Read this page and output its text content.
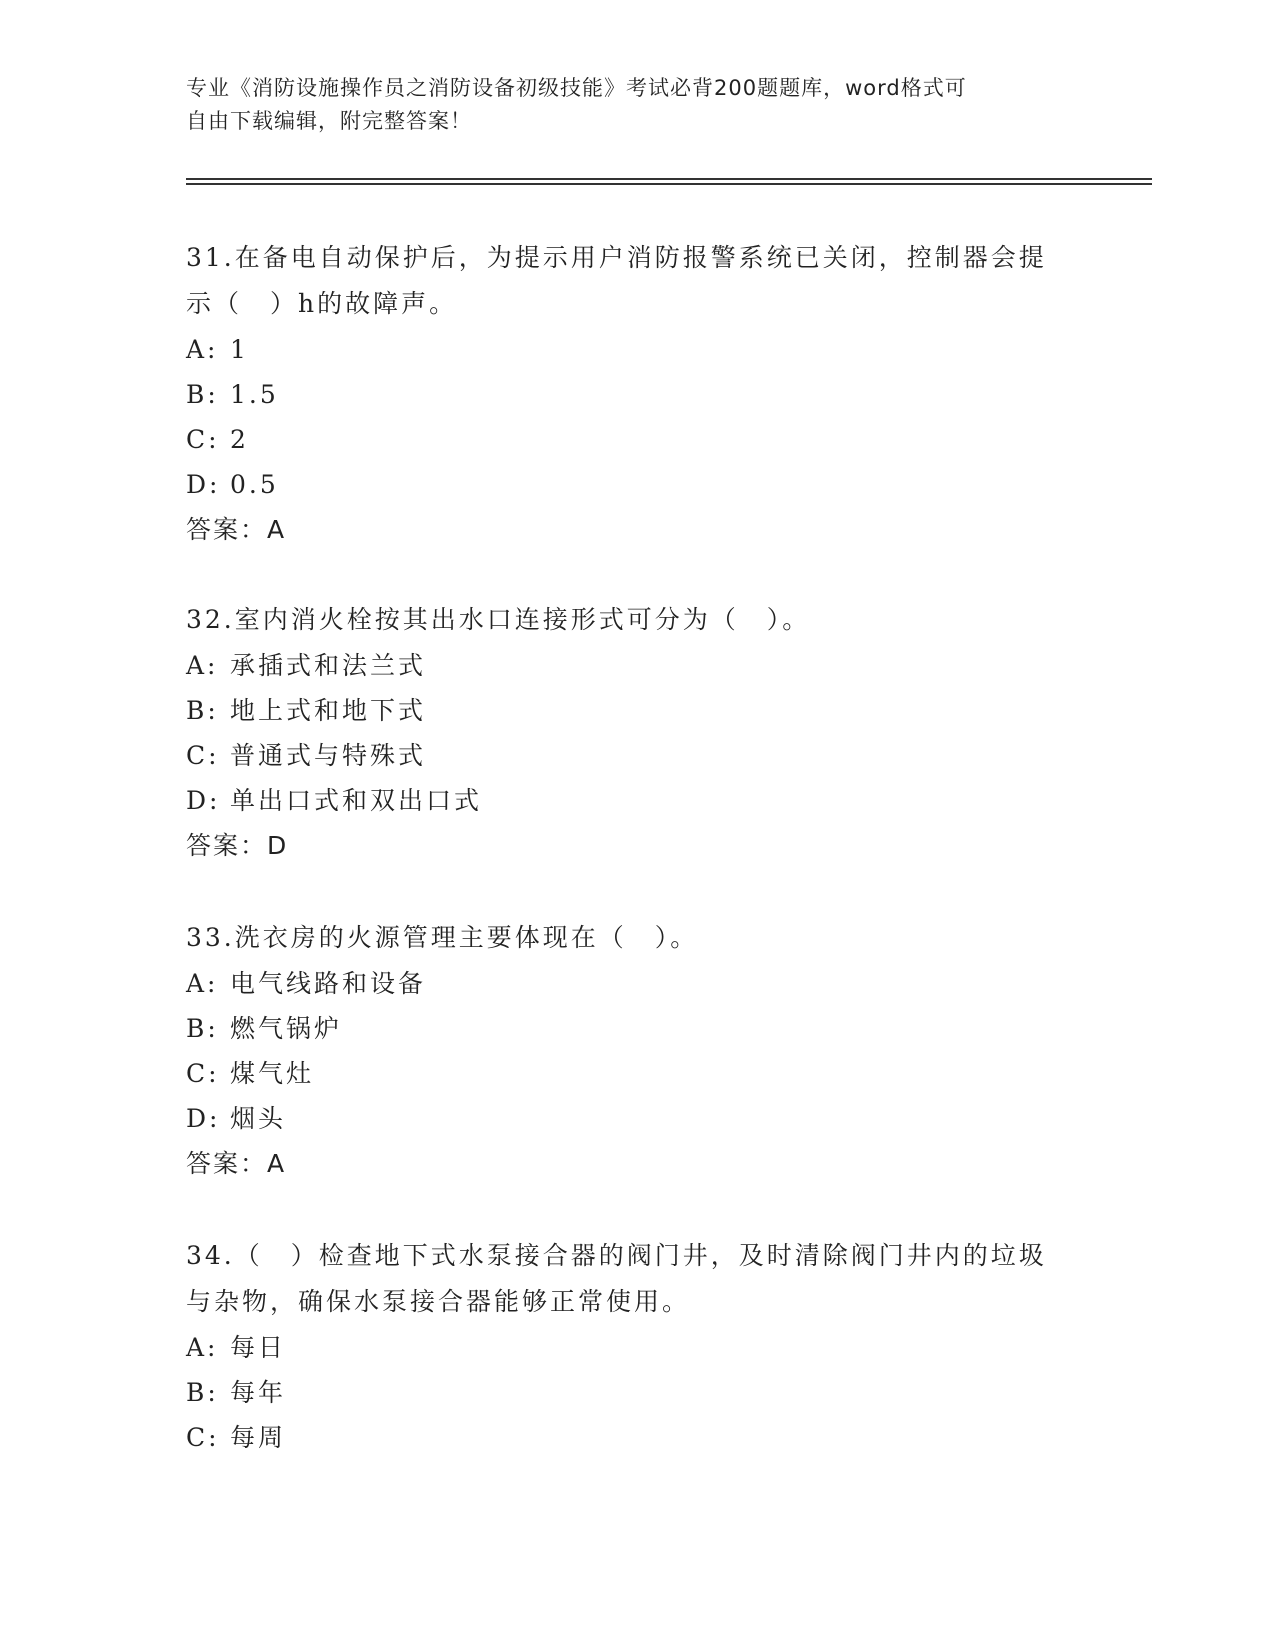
专业《消防设施操作员之消防设备初级技能》考试必背200题题库，word格式可
自由下载编辑，附完整答案！

31.在备电自动保护后，为提示用户消防报警系统已关闭，控制器会提
示（　）h的故障声。

A: 1

B: 1.5

C: 2

D: 0.5

答案：A

32.室内消火栓按其出水口连接形式可分为（　）。

A: 承插式和法兰式

B: 地上式和地下式

C: 普通式与特殊式

D: 单出口式和双出口式

答案：D

33.洗衣房的火源管理主要体现在（　）。

A: 电气线路和设备

B: 燃气锅炉

C: 煤气灶

D: 烟头

答案：A

34.（　）检查地下式水泵接合器的阀门井，及时清除阀门井内的垃圾
与杂物，确保水泵接合器能够正常使用。

A: 每日

B: 每年

C: 每周
